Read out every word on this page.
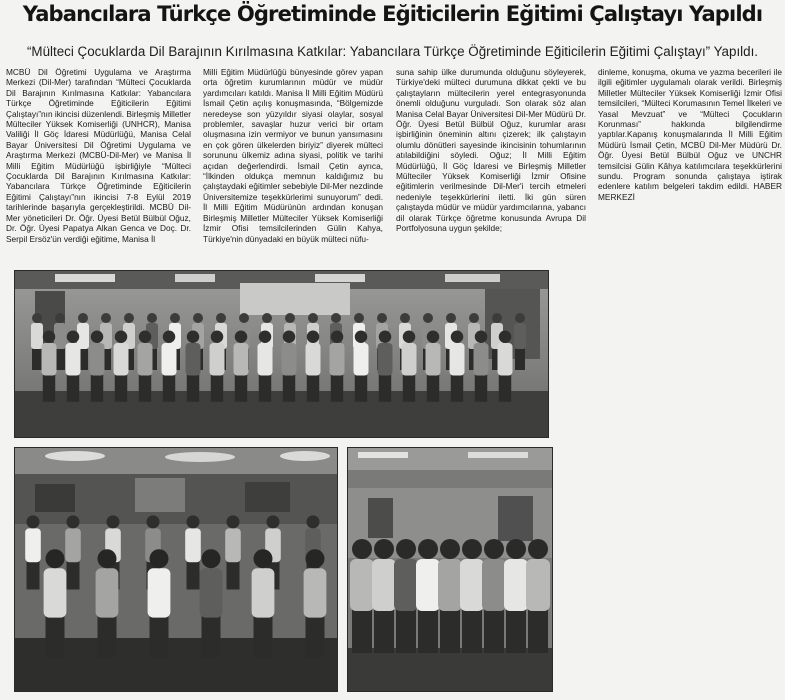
Yabancılara Türkçe Öğretiminde Eğiticilerin Eğitimi Çalıştayı Yapıldı
“Mülteci Çocuklarda Dil Barajının Kırılmasına Katkılar: Yabancılara Türkçe Öğretiminde Eğiticilerin Eğitimi Çalıştayı” Yapıldı.

MCBÜ Dil Öğretimi Uygulama ve Araştırma Merkezi (Dil-Mer) tarafından “Mülteci Çocuklarda Dil Barajının Kırılmasına Katkılar: Yabancılara Türkçe Öğretiminde Eğiticilerin Eğitimi Çalıştayı”nın ikincisi düzenlendi. Birleşmiş Milletler Mülteciler Yüksek Komiserliği (UNHCR), Manisa Valiliği İl Göç İdaresi Müdürlüğü, Manisa Celal Bayar Üniversitesi Dil Öğretimi Uygulama ve Araştırma Merkezi (MCBÜ-Dil-Mer) ve Manisa İl Milli Eğitim Müdürlüğü işbirliğiyle “Mülteci Çocuklarda Dil Barajının Kırılmasına Katkılar: Yabancılara Türkçe Öğretiminde Eğiticilerin Eğitimi Çalıştayı”nın ikincisi 7-8 Eylül 2019 tarihlerinde başarıyla gerçekleştirildi. MCBÜ Dil-Mer yöneticileri Dr. Öğr. Üyesi Betül Bülbül Oğuz, Dr. Öğr. Üyesi Papatya Alkan Genca ve Doç. Dr. Serpil Ersöz'ün verdiği eğitime, Manisa İl

Milli Eğitim Müdürlüğü bünyesinde görev yapan orta öğretim kurumlarının müdür ve müdür yardımcıları katıldı. Manisa İl Milli Eğitim Müdürü İsmail Çetin açılış konuşmasında, “Bölgemizde neredeyse son yüzyıldır siyasi olaylar, sosyal problemler, savaşlar huzur verici bir ortam oluşmasına izin vermiyor ve bunun yansımasını en çok gören ülkelerden biriyiz” diyerek mülteci sorununu ülkemiz adına siyasi, politik ve tarihi açıdan değerlendirdi. İsmail Çetin ayrıca, “İlkinden oldukça memnun kaldığımız bu çalıştaydaki eğitimler sebebiyle Dil-Mer nezdinde Üniversitemize teşekkürlerimi sunuyorum” dedi. İl Milli Eğitim Müdürünün ardından konuşan Birleşmiş Milletler Mülteciler Yüksek Komiserliği İzmir Ofisi temsilcilerinden Gülin Kahya, Türkiye'nin dünyadaki en büyük mülteci nüfu-

suna sahip ülke durumunda olduğunu söyleyerek, Türkiye'deki mülteci durumuna dikkat çekti ve bu çalıştayların mültecilerin yerel entegrasyonunda önemli olduğunu vurguladı. Son olarak söz alan Manisa Celal Bayar Üniversitesi Dil-Mer Müdürü Dr. Öğr. Üyesi Betül Bülbül Oğuz, kurumlar arası işbirliğinin öneminin altını çizerek; ilk çalıştayın olumlu dönütleri sayesinde ikincisinin tohumlarının atılabildiğini söyledi. Oğuz; İl Milli Eğitim Müdürlüğü, İl Göç İdaresi ve Birleşmiş Milletler Mülteciler Yüksek Komiserliği İzmir Ofisine eğitimlerin verilmesinde Dil-Mer'i tercih etmeleri nedeniyle teşekkürlerini iletti. İki gün süren çalıştayda müdür ve müdür yardımcılarına, yabancı dil olarak Türkçe öğretme konusunda Avrupa Dil Portfolyosuna uygun şekilde;

dinleme, konuşma, okuma ve yazma becerileri ile ilgili eğitimler uygulamalı olarak verildi. Birleşmiş Milletler Mülteciler Yüksek Komiserliği İzmir Ofisi temsilcileri, “Mülteci Korumasının Temel İlkeleri ve Yasal Mevzuat” ve “Mülteci Çocukların Korunması” hakkında bilgilendirme yaptılar.Kapanış konuşmalarında İl Milli Eğitim Müdürü İsmail Çetin, MCBÜ Dil-Mer Müdürü Dr. Öğr. Üyesi Betül Bülbül Oğuz ve UNCHR temsilcisi Gülin Kâhya katılımcılara teşekkürlerini sundu. Program sonunda çalıştaya iştirak edenlere katılım belgeleri takdim edildi. HABER MERKEZİ
